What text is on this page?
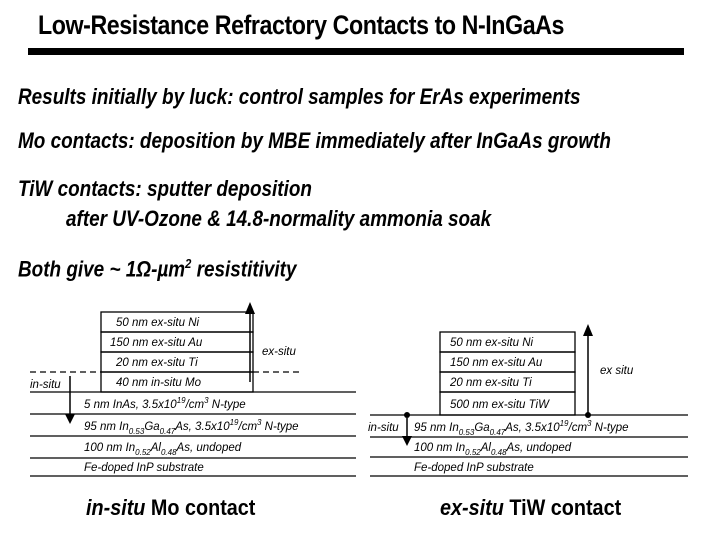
Low-Resistance Refractory Contacts to N-InGaAs
Results initially by luck: control samples for ErAs experiments
Mo contacts: deposition by MBE immediately after InGaAs growth
TiW contacts: sputter deposition
after UV-Ozone & 14.8-normality ammonia soak
Both give ~ 1Ω-µm$^2$ resistitivity
50 nm ex-situ Ni
150 nm ex-situ Au
20 nm ex-situ Ti
40 nm in-situ Mo
5 nm InAs, $3.5x10^{19}/cm^3$ N-type
95 nm $In_{0.53}Ga_{0.47}As$, $3.5x10^{19}/cm^3$ N-type
100 nm $In_{0.52}Al_{0.48}As$, undoped
Fe-doped InP substrate
in-situ
ex-situ
50 nm ex-situ Ni
150 nm ex-situ Au
20 nm ex-situ Ti
500 nm ex-situ TiW
95 nm $In_{0.53}Ga_{0.47}As$, $3.5x10^{19}/cm^3$ N-type
100 nm $In_{0.52}Al_{0.48}As$, undoped
Fe-doped InP substrate
in-situ
ex situ
in-situ Mo contact	ex-situ TiW contact
